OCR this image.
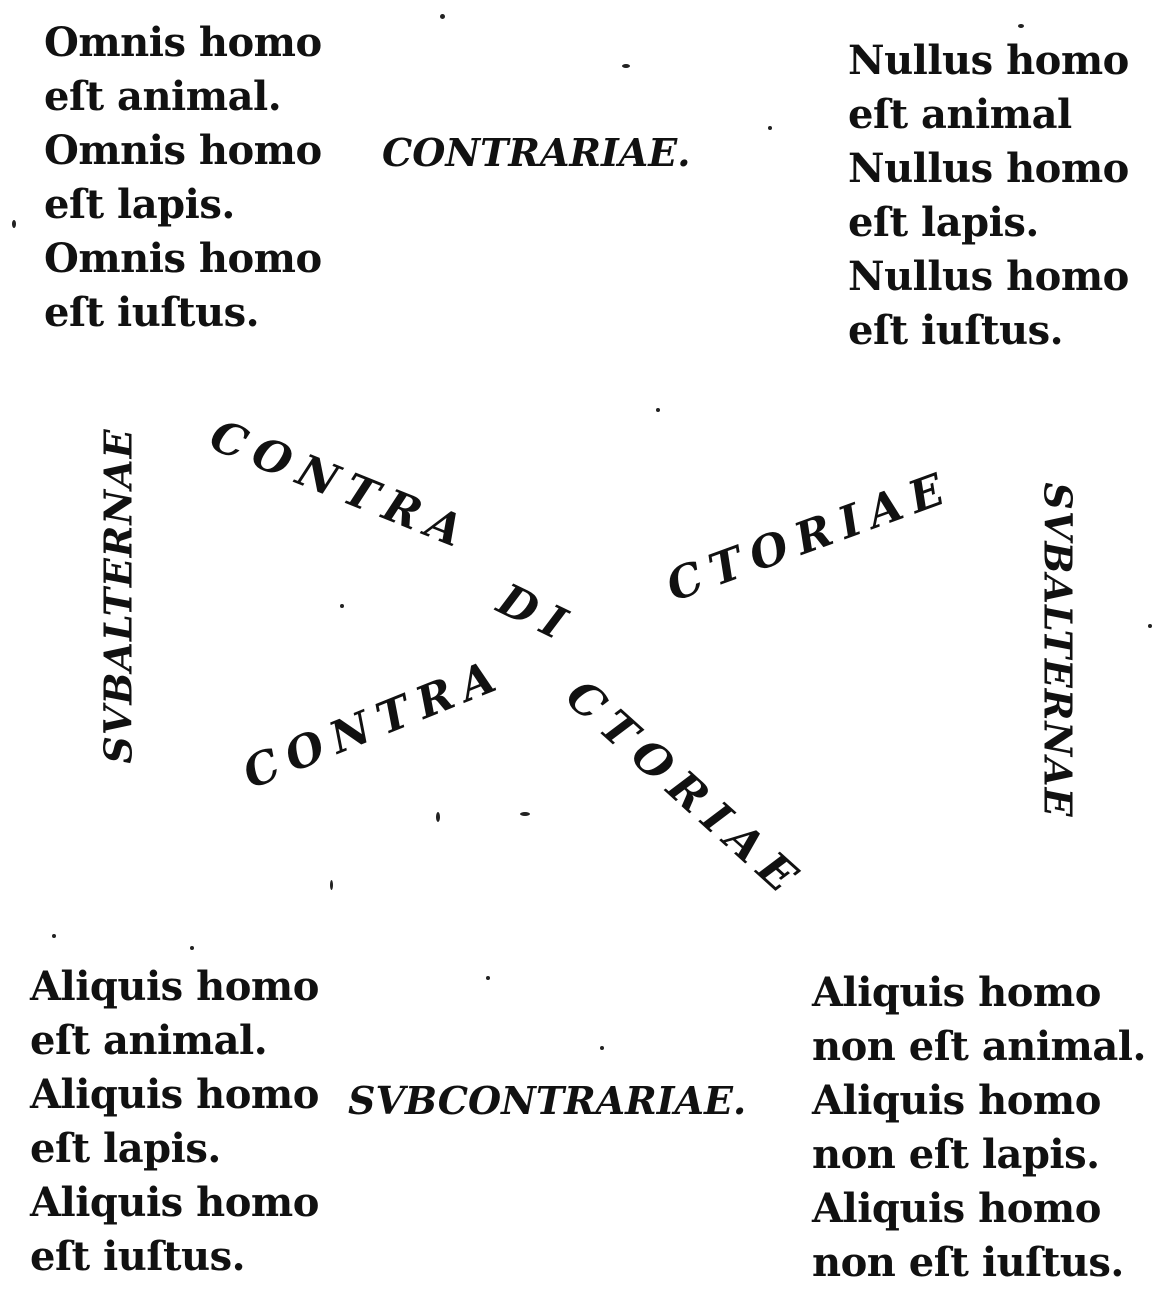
Omnis homo
eſt animal.
Omnis homo
eſt lapis.
Omnis homo
eſt iuſtus.
Nullus homo
eſt animal
Nullus homo
eſt lapis.
Nullus homo
eſt iuſtus.
Aliquis homo
eſt animal.
Aliquis homo
eſt lapis.
Aliquis homo
eſt iuſtus.
Aliquis homo
non eſt animal.
Aliquis homo
non eſt lapis.
Aliquis homo
non eſt iuſtus.
CONTRARIAE.
SVBCONTRARIAE.
SVBALTERNAE	SVBALTERNAE
CONTRA
DI
CTORIAE
CONTRA
CTORIAE
